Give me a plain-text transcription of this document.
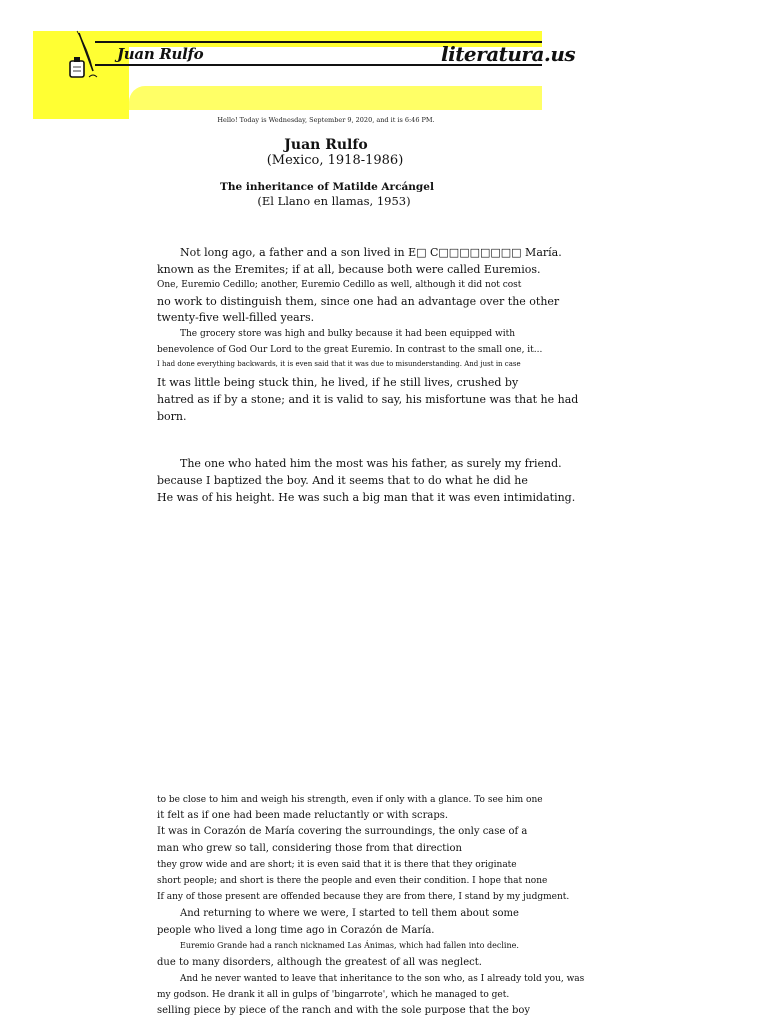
Juan Rulfo	literatura.us
Hello! Today is Wednesday, September 9, 2020, and it is 6:46 PM.
Juan Rulfo
(Mexico, 1918-1986)
The inheritance of Matilde Arcángel
(El Llano en llamas, 1953)
Not long ago, a father and a son lived in E□ C□□□□□□□□ María.
known as the Eremites; if at all, because both were called Euremios.
One, Euremio Cedillo; another, Euremio Cedillo as well, although it did not cost
no work to distinguish them, since one had an advantage over the other
twenty-five well-filled years.
The grocery store was high and bulky because it had been equipped with
benevolence of God Our Lord to the great Euremio. In contrast to the small one, it...
I had done everything backwards, it is even said that it was due to misunderstanding. And just in case
It was little being stuck thin, he lived, if he still lives, crushed by
hatred as if by a stone; and it is valid to say, his misfortune was that he had
born.
The one who hated him the most was his father, as surely my friend.
because I baptized the boy. And it seems that to do what he did he
He was of his height. He was such a big man that it was even intimidating.
to be close to him and weigh his strength, even if only with a glance. To see him one
it felt as if one had been made reluctantly or with scraps.
It was in Corazón de María covering the surroundings, the only case of a
man who grew so tall, considering those from that direction
they grow wide and are short; it is even said that it is there that they originate
short people; and short is there the people and even their condition. I hope that none
If any of those present are offended because they are from there, I stand by my judgment.
And returning to where we were, I started to tell them about some
people who lived a long time ago in Corazón de María.
Euremio Grande had a ranch nicknamed Las Ánimas, which had fallen into decline.
due to many disorders, although the greatest of all was neglect.
And he never wanted to leave that inheritance to the son who, as I already told you, was
my godson. He drank it all in gulps of 'bingarrote', which he managed to get.
selling piece by piece of the ranch and with the sole purpose that the boy
